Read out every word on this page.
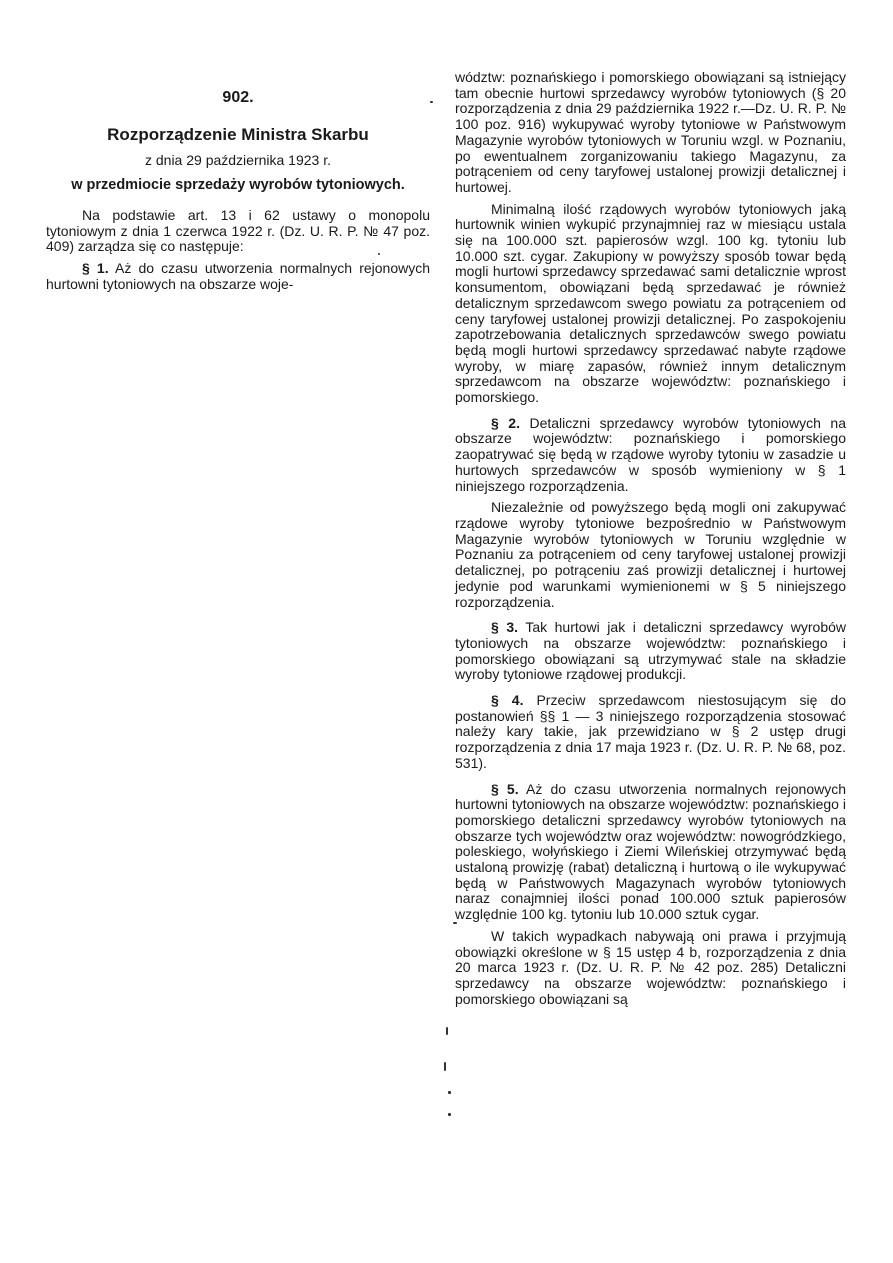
902.
Rozporządzenie Ministra Skarbu
z dnia 29 października 1923 r.
w przedmiocie sprzedaży wyrobów tytoniowych.

Na podstawie art. 13 i 62 ustawy o monopolu tytoniowym z dnia 1 czerwca 1922 r. (Dz. U. R. P. № 47 poz. 409) zarządza się co następuje:

§ 1. Aż do czasu utworzenia normalnych rejonowych hurtowni tytoniowych na obszarze woje-

wództw: poznańskiego i pomorskiego obowiązani są istniejący tam obecnie hurtowi sprzedawcy wyrobów tytoniowych (§ 20 rozporządzenia z dnia 29 października 1922 r.—Dz. U. R. P. № 100 poz. 916) wykupywać wyroby tytoniowe w Państwowym Magazynie wyrobów tytoniowych w Toruniu wzgl. w Poznaniu, po ewentualnem zorganizowaniu takiego Magazynu, za potrąceniem od ceny taryfowej ustalonej prowizji detalicznej i hurtowej.

Minimalną ilość rządowych wyrobów tytoniowych jaką hurtownik winien wykupić przynajmniej raz w miesiącu ustala się na 100.000 szt. papierosów wzgl. 100 kg. tytoniu lub 10.000 szt. cygar. Zakupiony w powyższy sposób towar będą mogli hurtowi sprzedawcy sprzedawać sami detalicznie wprost konsumentom, obowiązani będą sprzedawać je również detalicznym sprzedawcom swego powiatu za potrąceniem od ceny taryfowej ustalonej prowizji detalicznej. Po zaspokojeniu zapotrzebowania detalicznych sprzedawców swego powiatu będą mogli hurtowi sprzedawcy sprzedawać nabyte rządowe wyroby, w miarę zapasów, również innym detalicznym sprzedawcom na obszarze województw: poznańskiego i pomorskiego.

§ 2. Detaliczni sprzedawcy wyrobów tytoniowych na obszarze województw: poznańskiego i pomorskiego zaopatrywać się będą w rządowe wyroby tytoniu w zasadzie u hurtowych sprzedawców w sposób wymieniony w § 1 niniejszego rozporządzenia.

Niezależnie od powyższego będą mogli oni zakupywać rządowe wyroby tytoniowe bezpośrednio w Państwowym Magazynie wyrobów tytoniowych w Toruniu względnie w Poznaniu za potrąceniem od ceny taryfowej ustalonej prowizji detalicznej, po potrąceniu zaś prowizji detalicznej i hurtowej jedynie pod warunkami wymienionemi w § 5 niniejszego rozporządzenia.

§ 3. Tak hurtowi jak i detaliczni sprzedawcy wyrobów tytoniowych na obszarze województw: poznańskiego i pomorskiego obowiązani są utrzymywać stale na składzie wyroby tytoniowe rządowej produkcji.

§ 4. Przeciw sprzedawcom niestosującym się do postanowień §§ 1 — 3 niniejszego rozporządzenia stosować należy kary takie, jak przewidziano w § 2 ustęp drugi rozporządzenia z dnia 17 maja 1923 r. (Dz. U. R. P. № 68, poz. 531).

§ 5. Aż do czasu utworzenia normalnych rejonowych hurtowni tytoniowych na obszarze województw: poznańskiego i pomorskiego detaliczni sprzedawcy wyrobów tytoniowych na obszarze tych województw oraz województw: nowogródzkiego, poleskiego, wołyńskiego i Ziemi Wileńskiej otrzymywać będą ustaloną prowizję (rabat) detaliczną i hurtową o ile wykupywać będą w Państwowych Magazynach wyrobów tytoniowych naraz conajmniej ilości ponad 100.000 sztuk papierosów względnie 100 kg. tytoniu lub 10.000 sztuk cygar.

W takich wypadkach nabywają oni prawa i przyjmują obowiązki określone w § 15 ustęp 4 b, rozporządzenia z dnia 20 marca 1923 r. (Dz. U. R. P. № 42 poz. 285) Detaliczni sprzedawcy na obszarze województw: poznańskiego i pomorskiego obowiązani są
